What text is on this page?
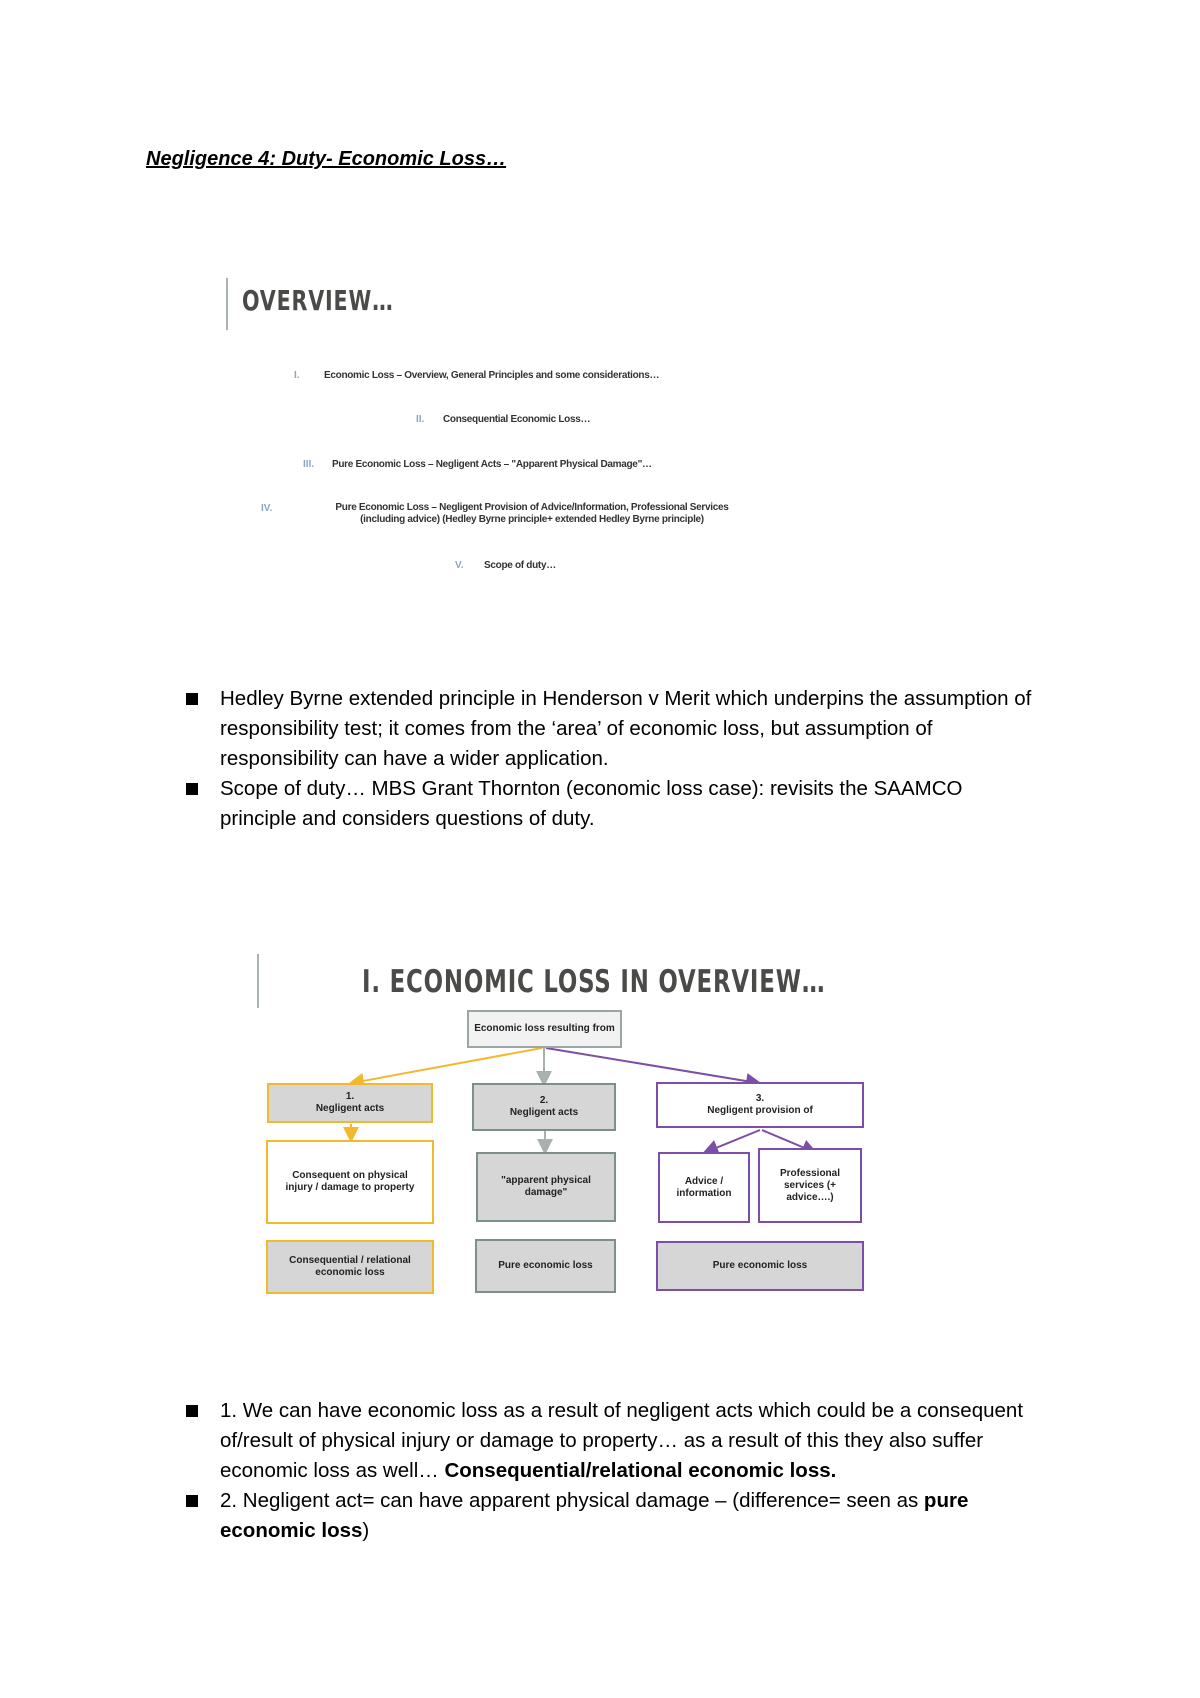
Negligence 4: Duty- Economic Loss…
OVERVIEW…
I. Economic Loss – Overview, General Principles and some considerations…
II. Consequential Economic Loss…
III. Pure Economic Loss – Negligent Acts – "Apparent Physical Damage"…
IV.	Pure Economic Loss – Negligent Provision of Advice/Information, Professional Services
(including advice) (Hedley Byrne principle+ extended Hedley Byrne principle)
V. Scope of duty…
Hedley Byrne extended principle in Henderson v Merit which underpins the assumption of responsibility test; it comes from the ‘area’ of economic loss, but assumption of responsibility can have a wider application.
Scope of duty… MBS Grant Thornton (economic loss case): revisits the SAAMCO principle and considers questions of duty.
I. ECONOMIC LOSS IN OVERVIEW…
Economic loss resulting from
1.
Negligent acts
Consequent on physical injury / damage to property
Consequential / relational economic loss
2.
Negligent acts
"apparent physical damage"
Pure economic loss
3.
Negligent provision of
Advice / information
Professional services (+ advice….)
Pure economic loss
1. We can have economic loss as a result of negligent acts which could be a consequent of/result of physical injury or damage to property… as a result of this they also suffer economic loss as well… Consequential/relational economic loss.
2. Negligent act= can have apparent physical damage – (difference= seen as pure economic loss)
